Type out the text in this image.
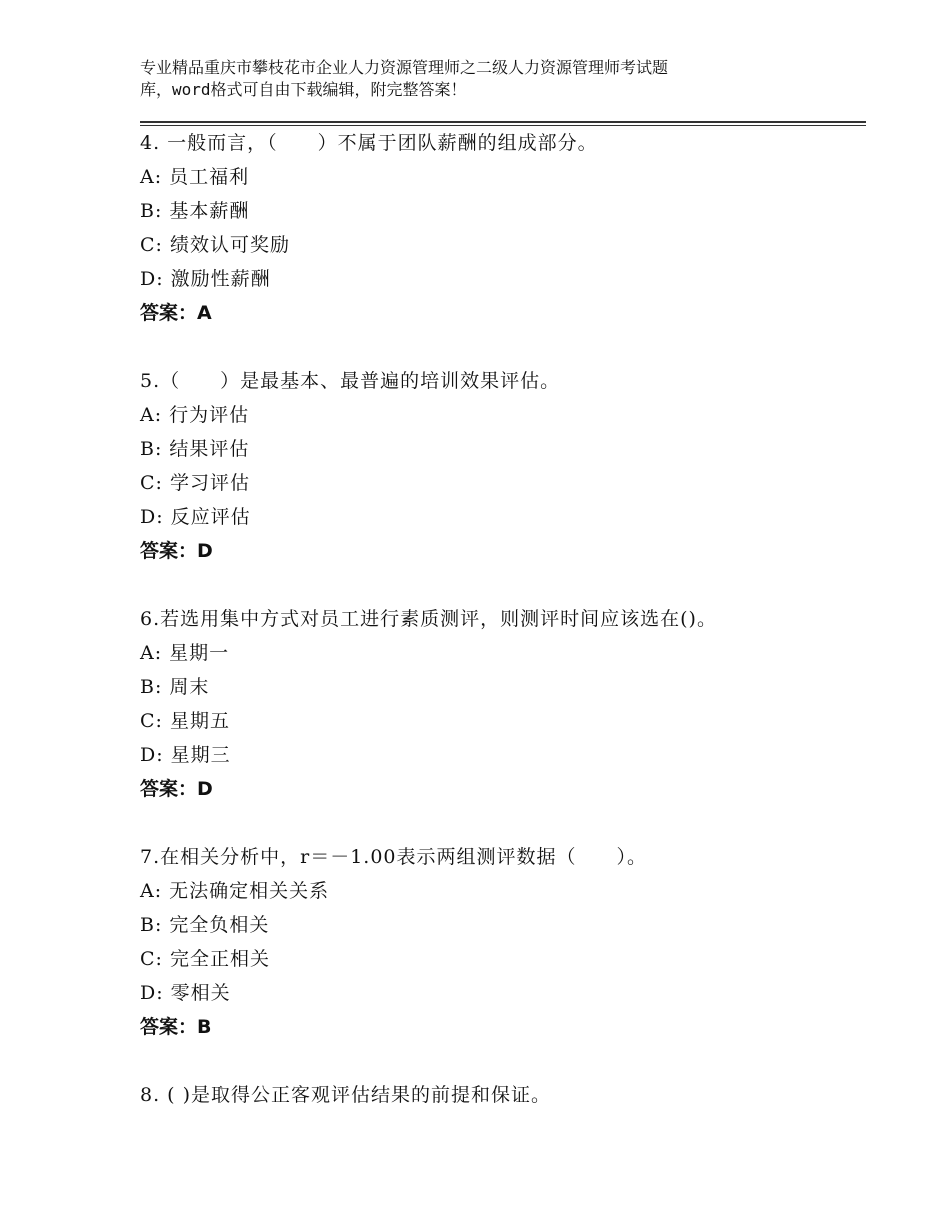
专业精品重庆市攀枝花市企业人力资源管理师之二级人力资源管理师考试题
库，word格式可自由下载编辑，附完整答案！
4. 一般而言，（　　）不属于团队薪酬的组成部分。
A: 员工福利
B: 基本薪酬
C: 绩效认可奖励
D: 激励性薪酬
答案：A
5.（　　）是最基本、最普遍的培训效果评估。
A: 行为评估
B: 结果评估
C: 学习评估
D: 反应评估
答案：D
6.若选用集中方式对员工进行素质测评，则测评时间应该选在()。
A: 星期一
B: 周末
C: 星期五
D: 星期三
答案：D
7.在相关分析中，r＝－1.00表示两组测评数据（　　）。
A: 无法确定相关关系
B: 完全负相关
C: 完全正相关
D: 零相关
答案：B
8. ( )是取得公正客观评估结果的前提和保证。
